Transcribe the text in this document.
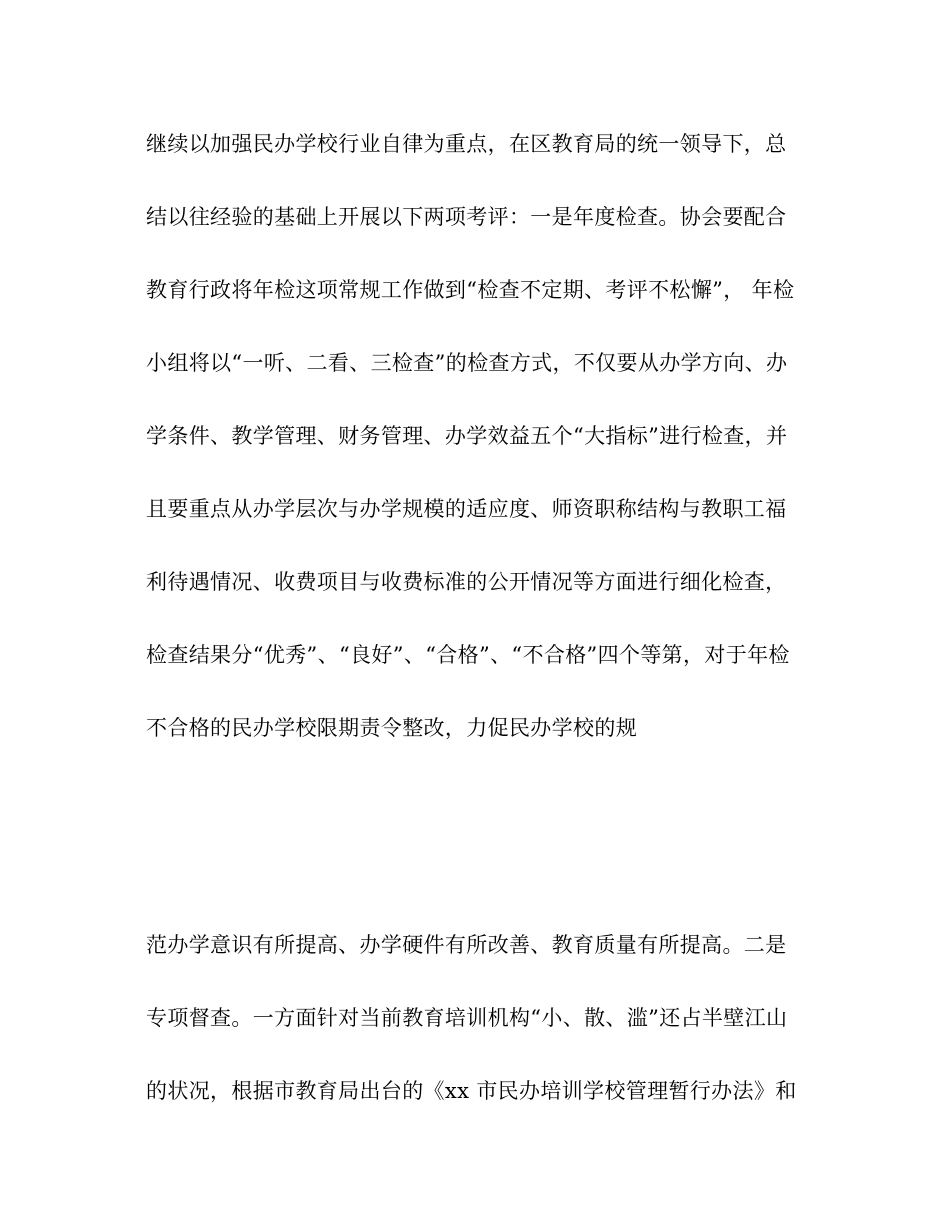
继续以加强民办学校行业自律为重点，在区教育局的统一领导下，总
结以往经验的基础上开展以下两项考评：一是年度检查。协会要配合
教育行政将年检这项常规工作做到“检查不定期、考评不松懈”， 年检
小组将以“一听、二看、三检查”的检查方式，不仅要从办学方向、办
学条件、教学管理、财务管理、办学效益五个“大指标”进行检查，并
且要重点从办学层次与办学规模的适应度、师资职称结构与教职工福
利待遇情况、收费项目与收费标准的公开情况等方面进行细化检查，
检查结果分“优秀”、“良好”、“合格”、“不合格”四个等第，对于年检
不合格的民办学校限期责令整改，力促民办学校的规
范办学意识有所提高、办学硬件有所改善、教育质量有所提高。二是
专项督查。一方面针对当前教育培训机构“小、散、滥”还占半壁江山
的状况，根据市教育局出台的《xx 市民办培训学校管理暂行办法》和
